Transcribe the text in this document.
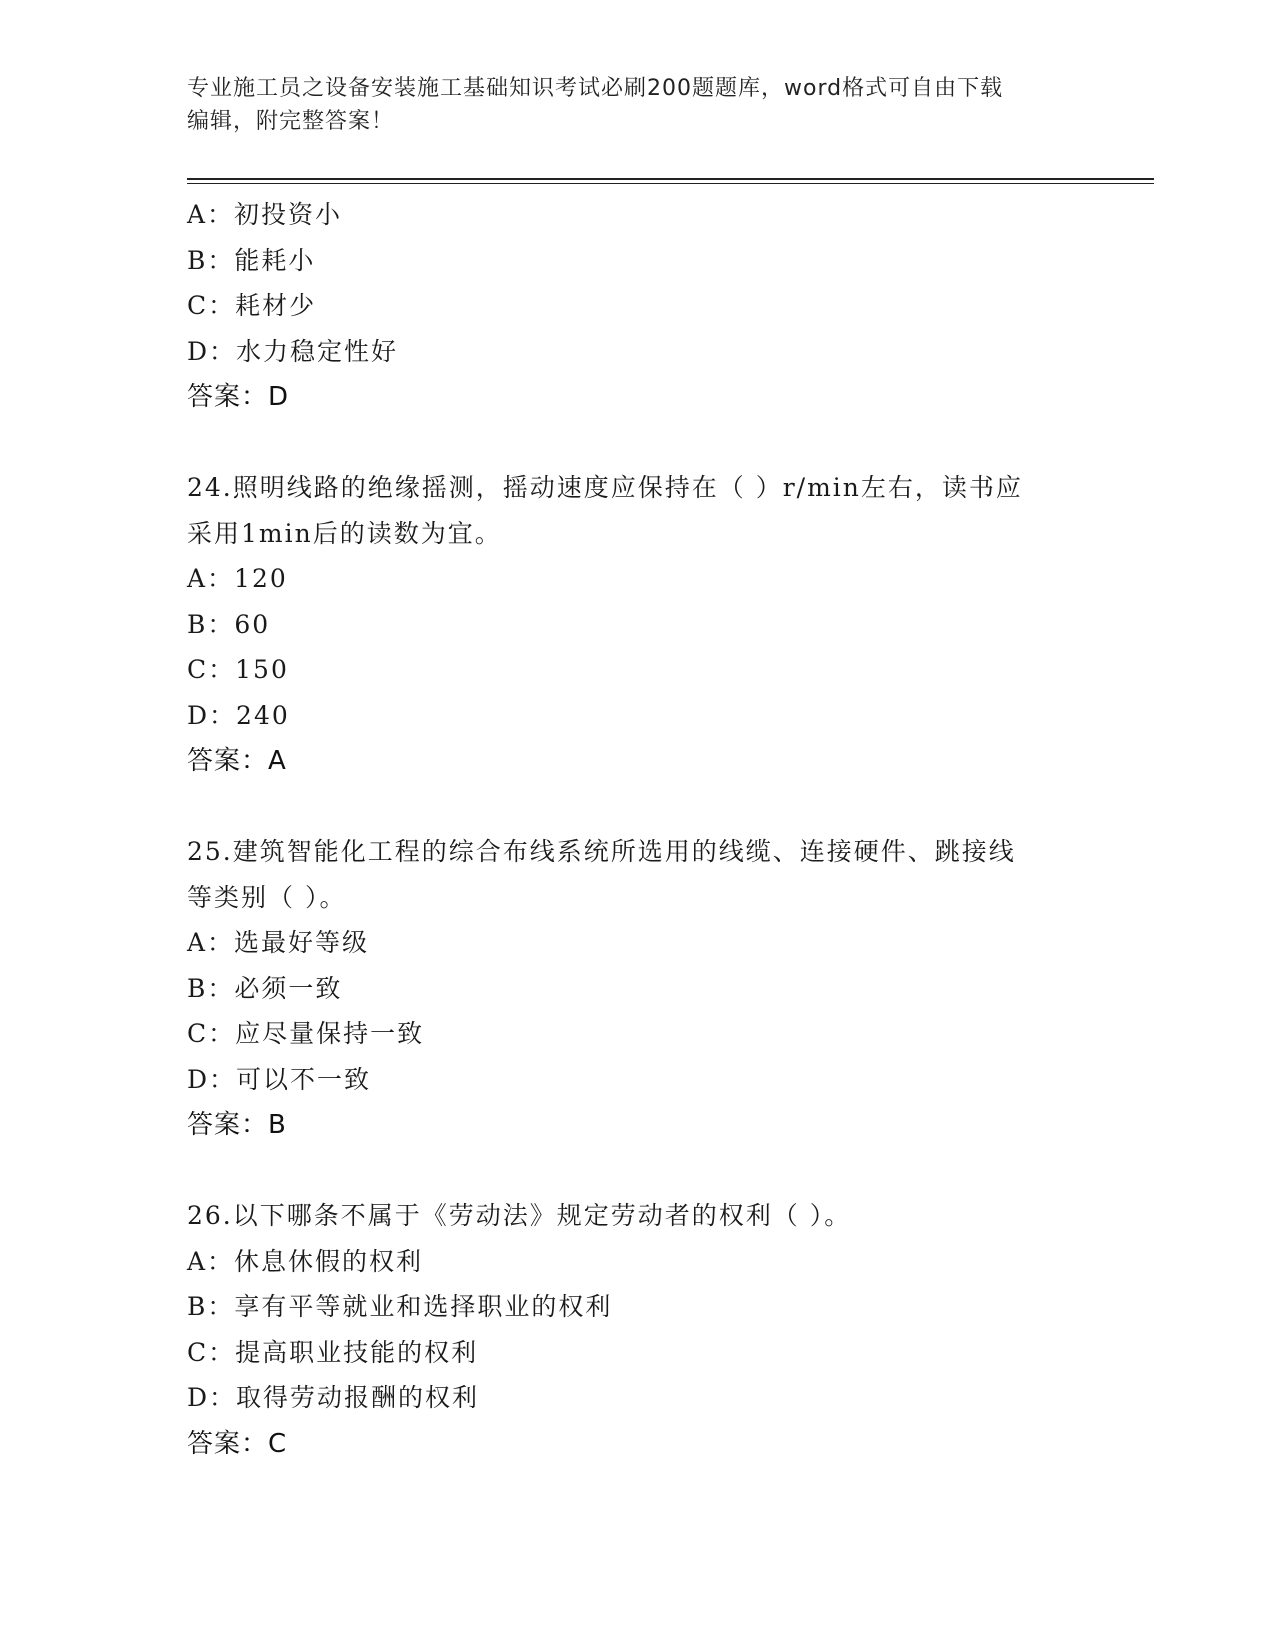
专业施工员之设备安装施工基础知识考试必刷200题题库，word格式可自由下载
编辑，附完整答案！
A：初投资小
B：能耗小
C：耗材少
D：水力稳定性好
答案：D
24.照明线路的绝缘摇测，摇动速度应保持在（ ）r/min左右，读书应
采用1min后的读数为宜。
A：120
B：60
C：150
D：240
答案：A
25.建筑智能化工程的综合布线系统所选用的线缆、连接硬件、跳接线
等类别（ ）。
A：选最好等级
B：必须一致
C：应尽量保持一致
D：可以不一致
答案：B
26.以下哪条不属于《劳动法》规定劳动者的权利（ ）。
A：休息休假的权利
B：享有平等就业和选择职业的权利
C：提高职业技能的权利
D：取得劳动报酬的权利
答案：C
